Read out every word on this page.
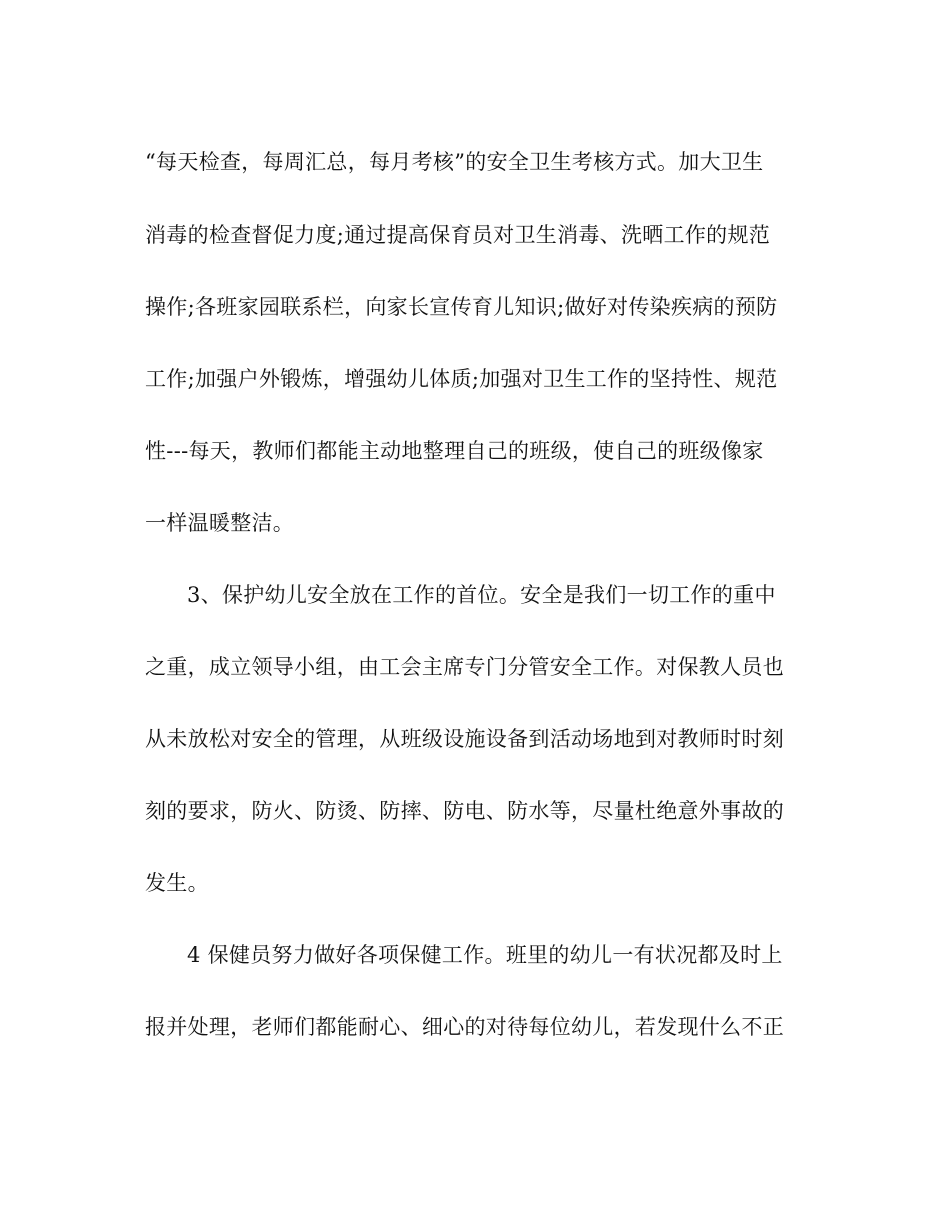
“每天检查，每周汇总，每月考核”的安全卫生考核方式。加大卫生
消毒的检查督促力度;通过提高保育员对卫生消毒、洗晒工作的规范
操作;各班家园联系栏，向家长宣传育儿知识;做好对传染疾病的预防
工作;加强户外锻炼，增强幼儿体质;加强对卫生工作的坚持性、规范
性---每天，教师们都能主动地整理自己的班级，使自己的班级像家
一样温暖整洁。
3、保护幼儿安全放在工作的首位。安全是我们一切工作的重中
之重，成立领导小组，由工会主席专门分管安全工作。对保教人员也
从未放松对安全的管理，从班级设施设备到活动场地到对教师时时刻
刻的要求，防火、防烫、防摔、防电、防水等，尽量杜绝意外事故的
发生。
4 保健员努力做好各项保健工作。班里的幼儿一有状况都及时上
报并处理，老师们都能耐心、细心的对待每位幼儿，若发现什么不正
